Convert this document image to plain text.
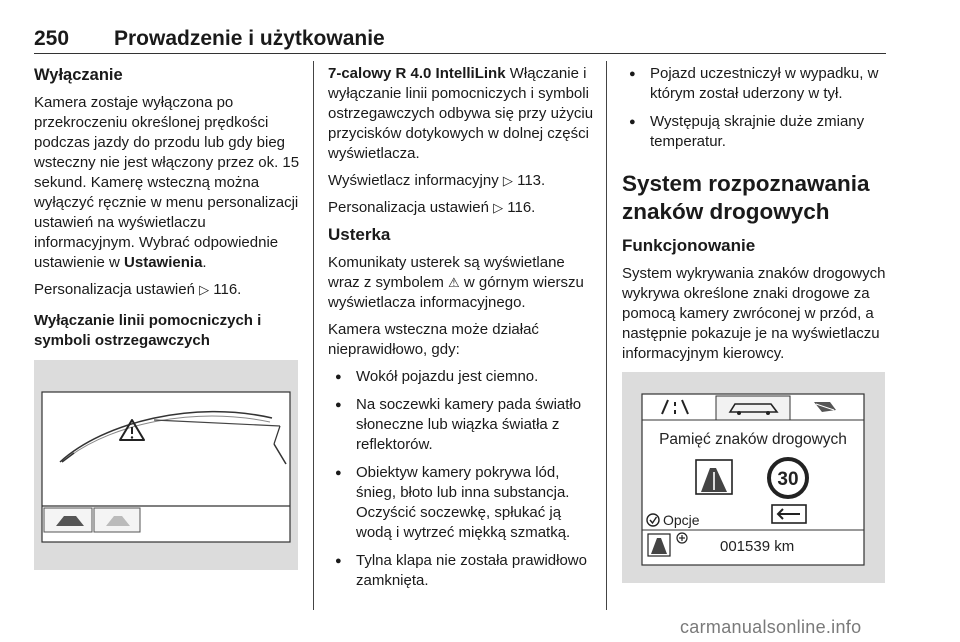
250 Prowadzenie i użytkowanie
Wyłączanie

Kamera zostaje wyłączona po przekroczeniu określonej prędkości podczas jazdy do przodu lub gdy bieg wsteczny nie jest włączony przez ok. 15 sekund. Kamerę wsteczną można wyłączyć ręcznie w menu personalizacji ustawień na wyświetlaczu informacyjnym. Wybrać odpowiednie ustawienie w Ustawienia.

Personalizacja ustawień ▷ 116.

Wyłączanie linii pomocniczych i symboli ostrzegawczych

7-calowy R 4.0 IntelliLink Włączanie i wyłączanie linii pomocniczych i symboli ostrzegawczych odbywa się przy użyciu przycisków dotykowych w dolnej części wyświetlacza.

Wyświetlacz informacyjny ▷ 113.

Personalizacja ustawień ▷ 116.

Usterka

Komunikaty usterek są wyświetlane wraz z symbolem ⚠ w górnym wierszu wyświetlacza informacyjnego.

Kamera wsteczna może działać nieprawidłowo, gdy:

● Wokół pojazdu jest ciemno.
● Na soczewki kamery pada światło słoneczne lub wiązka światła z reflektorów.
● Obiektyw kamery pokrywa lód, śnieg, błoto lub inna substancja. Oczyścić soczewkę, spłukać ją wodą i wytrzeć miękką szmatką.
● Tylna klapa nie została prawidłowo zamknięta.
● Pojazd uczestniczył w wypadku, w którym został uderzony w tył.
● Występują skrajnie duże zmiany temperatur.
System rozpoznawania znaków drogowych
Funkcjonowanie

System wykrywania znaków drogowych wykrywa określone znaki drogowe za pomocą kamery zwróconej w przód, a następnie pokazuje je na wyświetlaczu informacyjnym kierowcy.

Pamięć znaków drogowych
30
Opcje
001539 km
carmanualsonline.info
